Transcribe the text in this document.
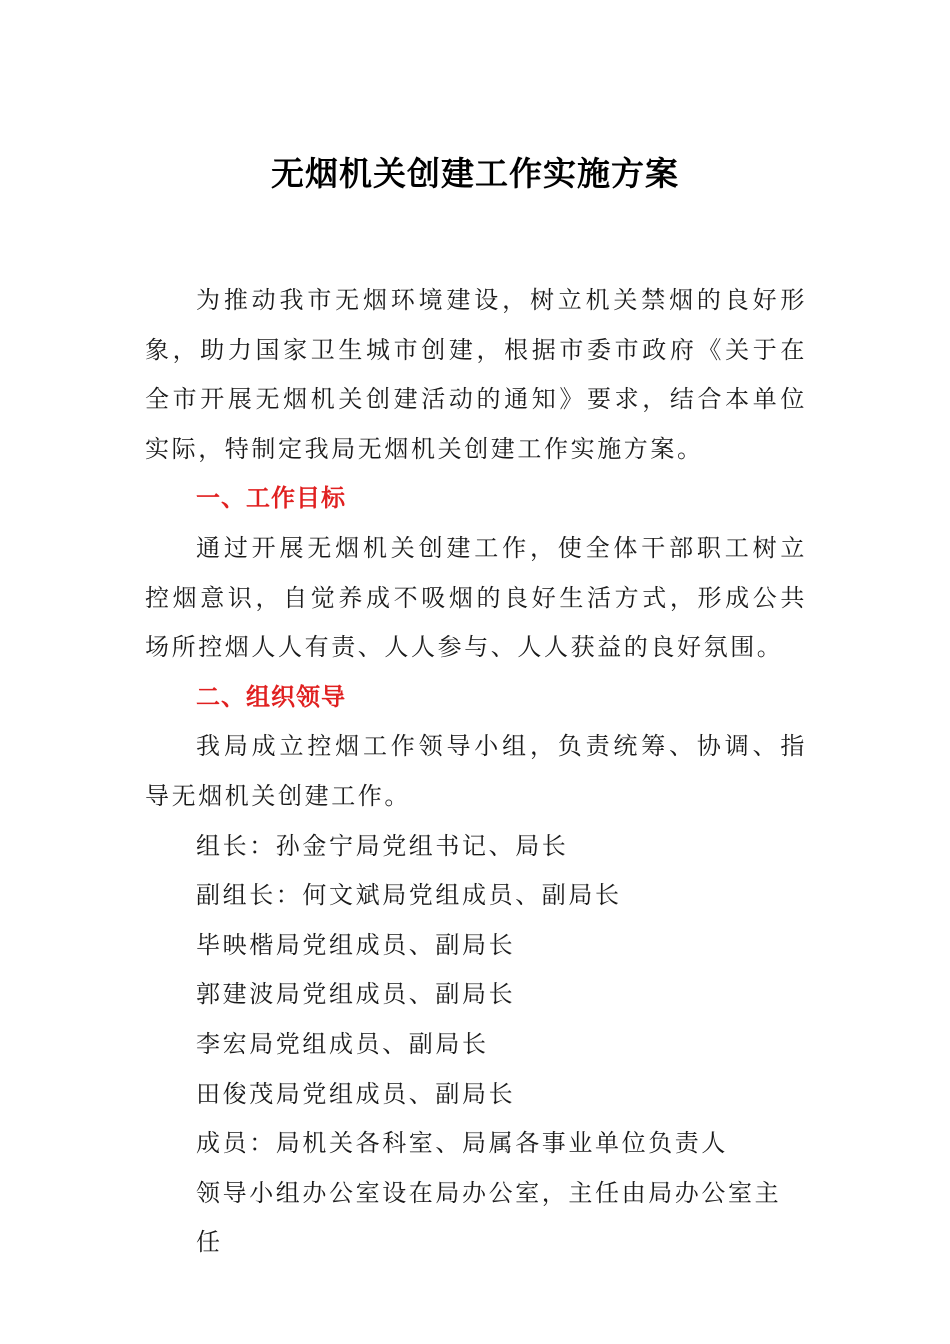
无烟机关创建工作实施方案

为推动我市无烟环境建设，树立机关禁烟的良好形象，助力国家卫生城市创建，根据市委市政府《关于在全市开展无烟机关创建活动的通知》要求，结合本单位实际，特制定我局无烟机关创建工作实施方案。

一、工作目标

通过开展无烟机关创建工作，使全体干部职工树立控烟意识，自觉养成不吸烟的良好生活方式，形成公共场所控烟人人有责、人人参与、人人获益的良好氛围。

二、组织领导

我局成立控烟工作领导小组，负责统筹、协调、指导无烟机关创建工作。

组长：孙金宁局党组书记、局长

副组长：何文斌局党组成员、副局长

毕映楷局党组成员、副局长

郭建波局党组成员、副局长

李宏局党组成员、副局长

田俊茂局党组成员、副局长

成员：局机关各科室、局属各事业单位负责人

领导小组办公室设在局办公室，主任由局办公室主任
